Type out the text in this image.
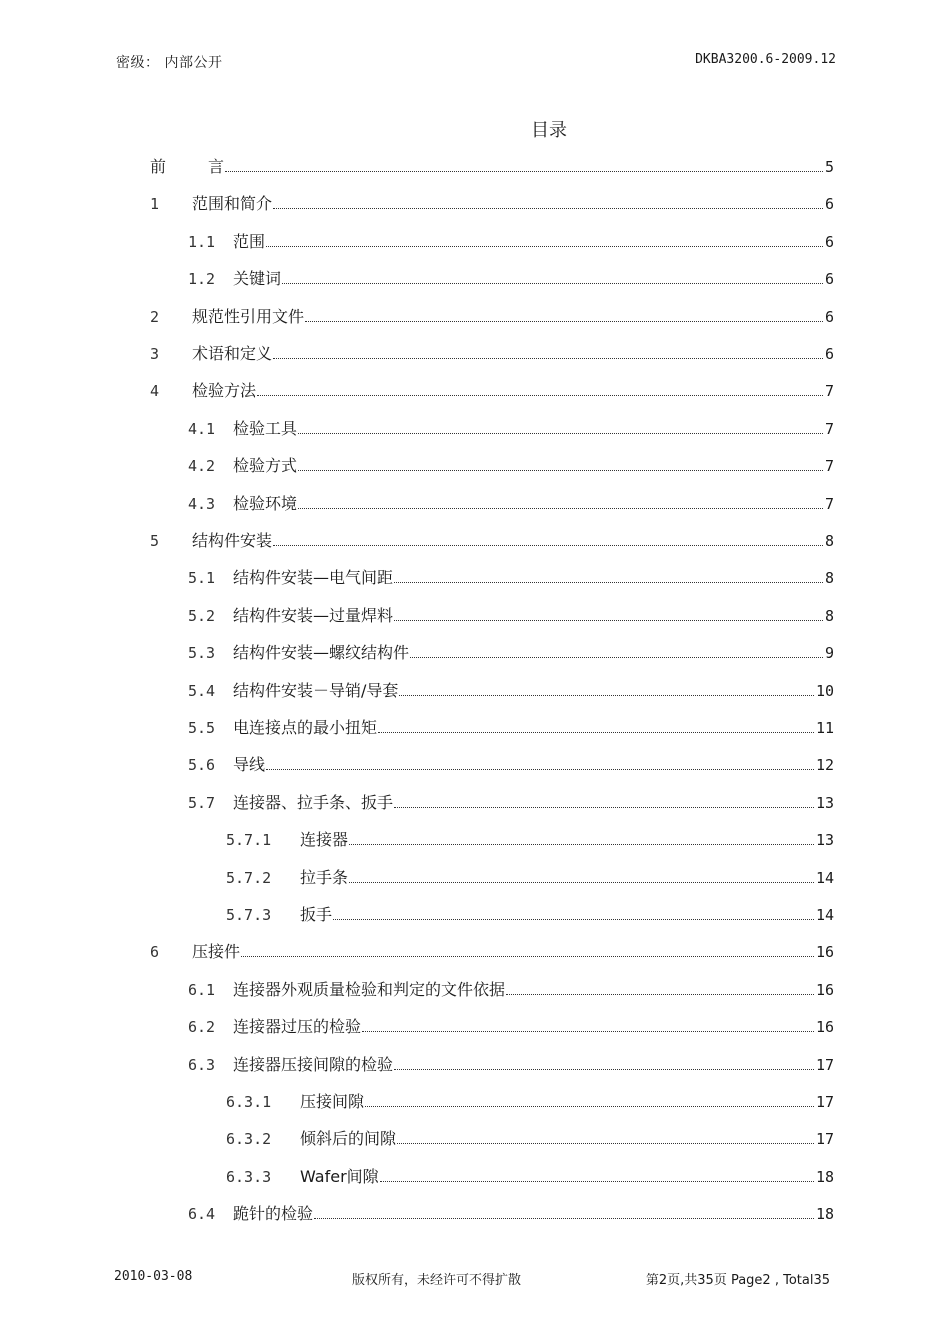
密级： 内部公开	DKBA3200.6-2009.12
目录
前	言	5
1	范围和简介	6
1.1	范围	6
1.2	关键词	6
2	规范性引用文件	6
3	术语和定义	6
4	检验方法	7
4.1	检验工具	7
4.2	检验方式	7
4.3	检验环境	7
5	结构件安装	8
5.1	结构件安装—电气间距	8
5.2	结构件安装—过量焊料	8
5.3	结构件安装—螺纹结构件	9
5.4	结构件安装－导销/导套	10
5.5	电连接点的最小扭矩	11
5.6	导线	12
5.7	连接器、拉手条、扳手	13
5.7.1	连接器	13
5.7.2	拉手条	14
5.7.3	扳手	14
6	压接件	16
6.1	连接器外观质量检验和判定的文件依据	16
6.2	连接器过压的检验	16
6.3	连接器压接间隙的检验	17
6.3.1	压接间隙	17
6.3.2	倾斜后的间隙	17
6.3.3	Wafer间隙	18
6.4	跪针的检验	18
2010-03-08	版权所有，未经许可不得扩散	第2页,共35页 Page2 , Total35
